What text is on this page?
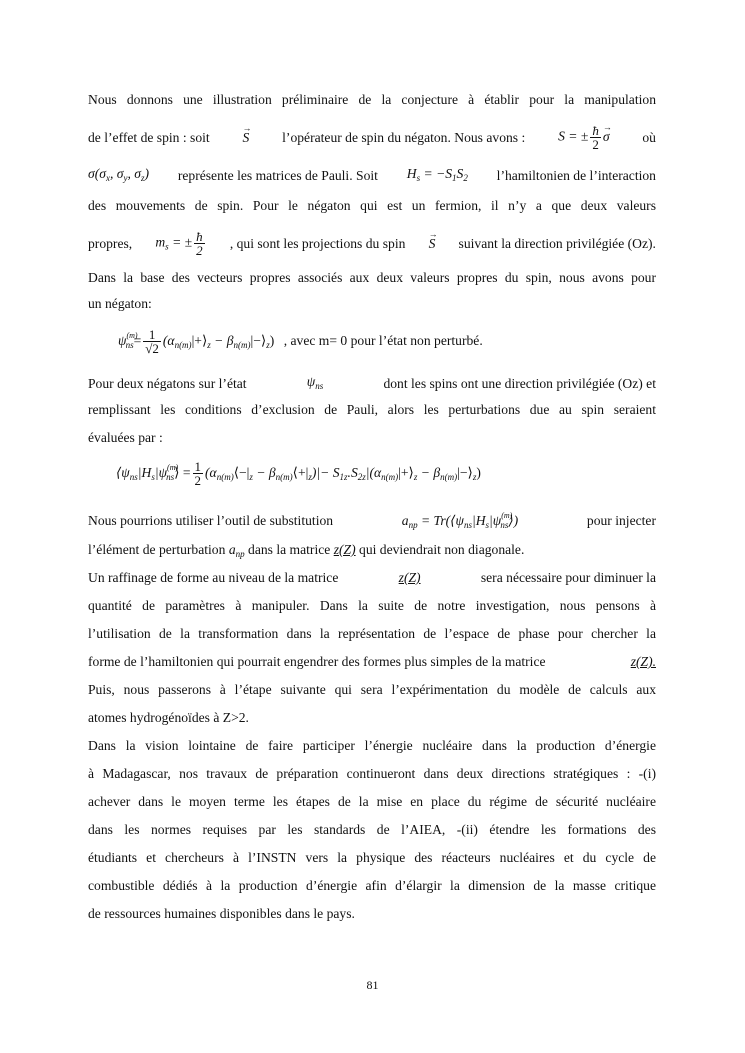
Nous donnons une illustration préliminaire de la conjecture à établir pour la manipulation
de l’effet de spin : soit
→ S l’opérateur de spin du négaton. Nous avons : S = ± $\frac{ħ}{2}$
→ σ où
$\sigma(\sigma_x$, $\sigma_y$, $\sigma_z$) représente les matrices de Pauli. Soit $H_s = -S_1S_2$ l’hamiltonien de l’interaction
des mouvements de spin. Pour le négaton qui est un fermion, il n’y a que deux valeurs
propres, $m_s$ = ± $\frac{ħ}{2}$ , qui sont les projections du spin
→ S suivant la direction privilégiée (Oz).
Dans la base des vecteurs propres associés aux deux valeurs propres du spin, nous avons pour
un négaton:
$\psi^{(m)}_{ns}= \frac{1}{√2}$ ($\alpha_{n(m)}|+⟩_z$ − $\beta_{n(m)}|-⟩_z$) , avec m= 0 pour l’état non perturbé.
Pour deux négatons sur l’état	$\psi_{ns}$	dont les spins ont une direction privilégiée (Oz) et
remplissant les conditions d’exclusion de Pauli, alors les perturbations due au spin seraient
évaluées par :
$⟨\psi_{ns}|H_s|\psi^{(m)}_{ns}⟩ = \frac{1}{2}$ ($\alpha_{n(m)}⟨-|_z$ − $\beta_{n(m)}⟨+|_z)|-$ $S_{1z}.S_{2z}|(\alpha_{n(m)}|+⟩_z$ − $\beta_{n(m)}|-⟩_z$)
Nous pourrions utiliser l’outil de substitution	$a_{np}$ = $Tr(⟨\psi_{ns}|H_s|\psi^{(m)}_{ns}⟩)$	pour injecter
l’élément de perturbation $a_{np}$ dans la matrice z(Z) qui deviendrait non diagonale.
Un raffinage de forme au niveau de la matrice	z(Z)	sera nécessaire pour diminuer la
quantité de paramètres à manipuler. Dans la suite de notre investigation, nous pensons à
l’utilisation de la transformation dans la représentation de l’espace de phase pour chercher la
forme de l’hamiltonien qui pourrait engendrer des formes plus simples de la matrice	z(Z).
Puis, nous passerons à l’étape suivante qui sera l’expérimentation du modèle de calculs aux
atomes hydrogénoïdes à Z>2.
Dans la vision lointaine de faire participer l’énergie nucléaire dans la production d’énergie
à Madagascar, nos travaux de préparation continueront dans deux directions stratégiques : -(i)
achever dans le moyen terme les étapes de la mise en place du régime de sécurité nucléaire
dans les normes requises par les standards de l’AIEA, -(ii) étendre les formations des
étudiants et chercheurs à l’INSTN vers la physique des réacteurs nucléaires et du cycle de
combustible dédiés à la production d’énergie afin d’élargir la dimension de la masse critique
de ressources humaines disponibles dans le pays.
81
